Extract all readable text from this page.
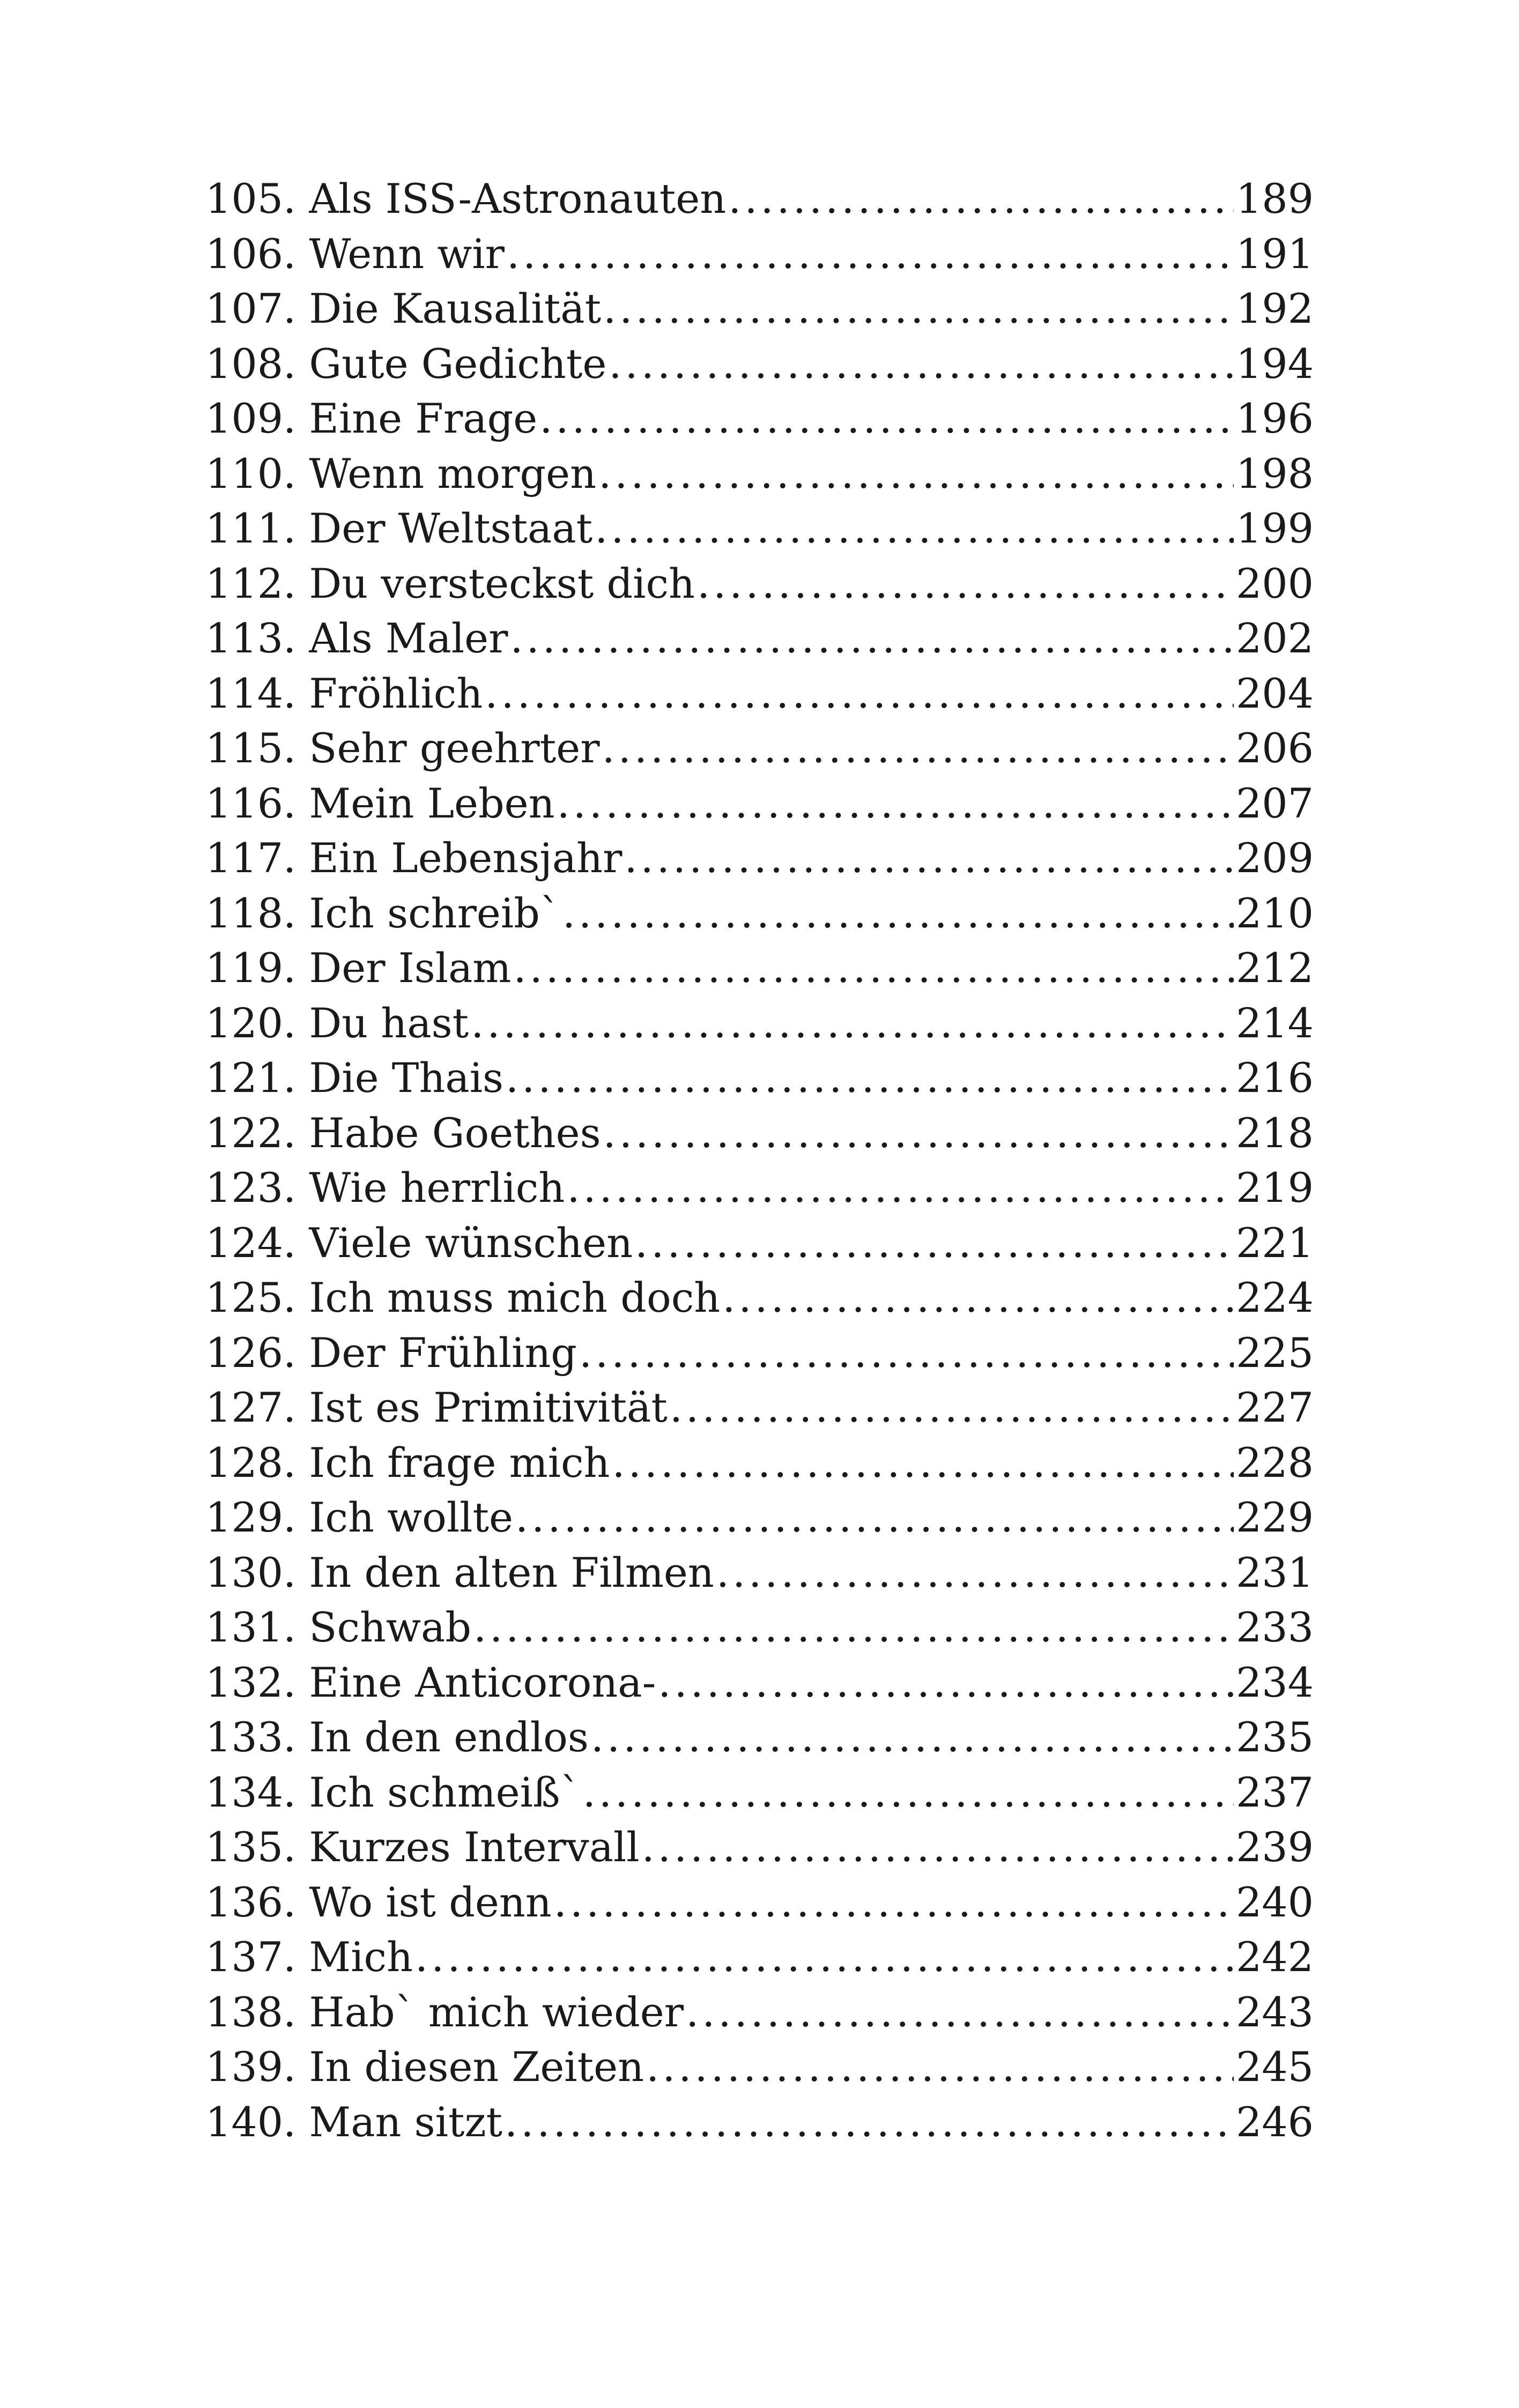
105. Als ISS-Astronauten .....	189
106. Wenn wir .....	191
107. Die Kausalität .....	192
108. Gute Gedichte .....	194
109. Eine Frage .....	196
110. Wenn morgen .....	198
111. Der Weltstaat .....	199
112. Du versteckst dich .....	200
113. Als Maler .....	202
114. Fröhlich .....	204
115. Sehr geehrter .....	206
116. Mein Leben .....	207
117. Ein Lebensjahr .....	209
118. Ich schreib` .....	210
119. Der Islam .....	212
120. Du hast .....	214
121. Die Thais .....	216
122. Habe Goethes .....	218
123. Wie herrlich .....	219
124. Viele wünschen .....	221
125. Ich muss mich doch .....	224
126. Der Frühling .....	225
127. Ist es Primitivität .....	227
128. Ich frage mich .....	228
129. Ich wollte .....	229
130. In den alten Filmen .....	231
131. Schwab .....	233
132. Eine Anticorona- .....	234
133. In den endlos .....	235
134. Ich schmeiß` .....	237
135. Kurzes Intervall .....	239
136. Wo ist denn .....	240
137. Mich .....	242
138. Hab` mich wieder .....	243
139. In diesen Zeiten .....	245
140. Man sitzt .....	246
